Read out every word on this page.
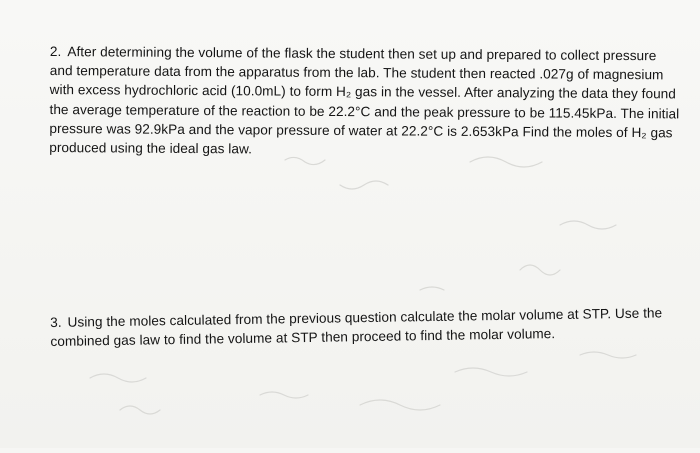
2. After determining the volume of the flask the student then set up and prepared to collect pressure
and temperature data from the apparatus from the lab. The student then reacted .027g of magnesium
with excess hydrochloric acid (10.0mL) to form H₂ gas in the vessel. After analyzing the data they found
the average temperature of the reaction to be 22.2°C and the peak pressure to be 115.45kPa. The initial
pressure was 92.9kPa and the vapor pressure of water at 22.2°C is 2.653kPa Find the moles of H₂ gas
produced using the ideal gas law.
3. Using the moles calculated from the previous question calculate the molar volume at STP. Use the
combined gas law to find the volume at STP then proceed to find the molar volume.
